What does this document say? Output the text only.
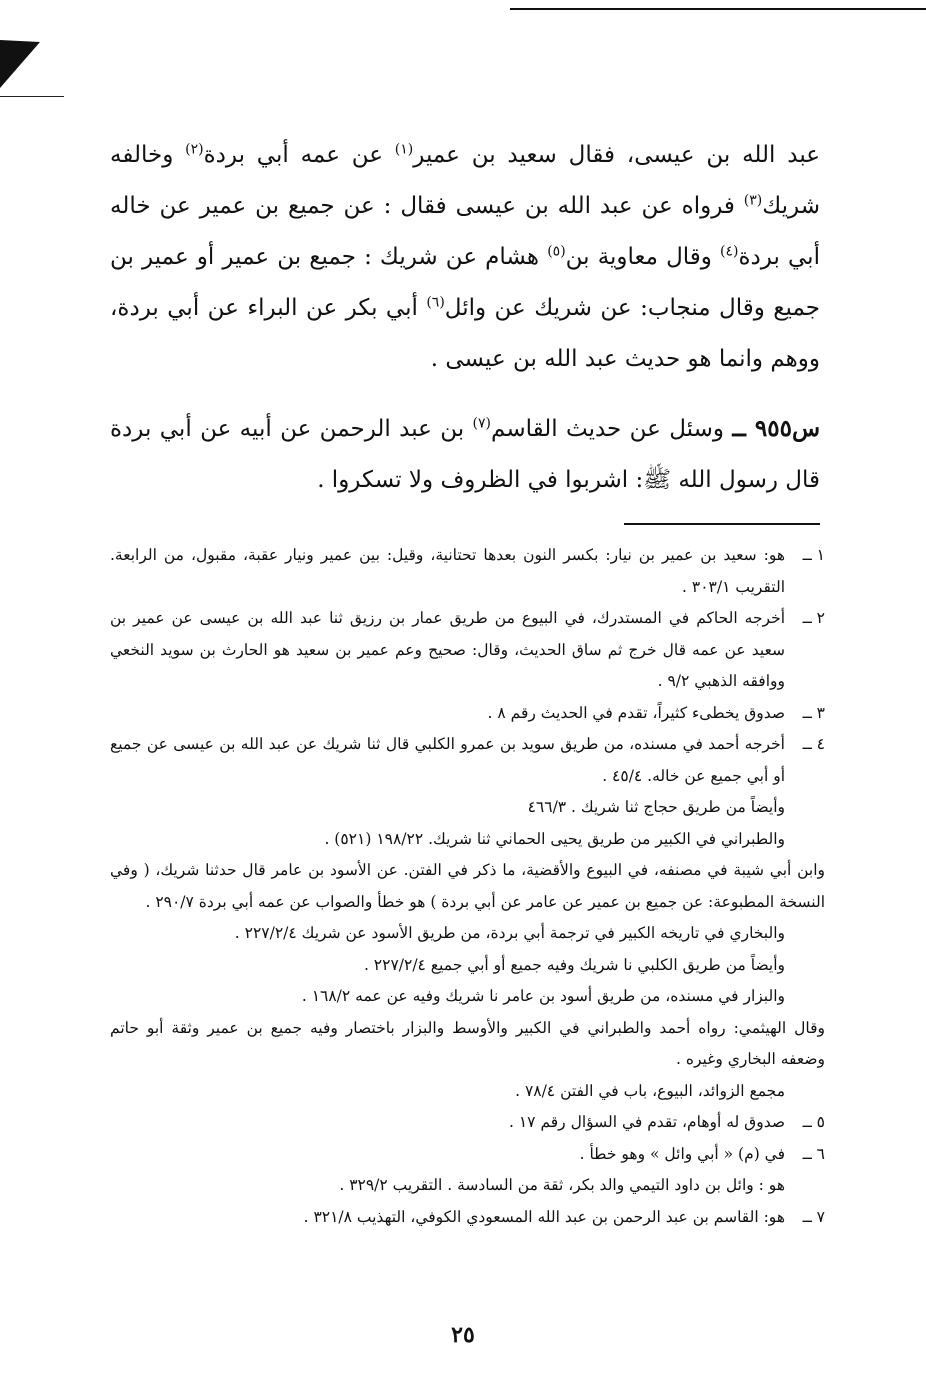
عبد الله بن عيسى، فقال سعيد بن عمير$^{(١)}$ عن عمه أبي بردة$^{(٢)}$ وخالفه شريك$^{(٣)}$ فرواه عن عبد الله بن عيسى فقال : عن جميع بن عمير عن خاله أبي بردة$^{(٤)}$ وقال معاوية بن$^{(٥)}$ هشام عن شريك : جميع بن عمير أو عمير بن جميع وقال منجاب: عن شريك عن وائل$^{(٦)}$ أبي بكر عن البراء عن أبي بردة، ووهم وانما هو حديث عبد الله بن عيسى .

س٩٥٥ ــ وسئل عن حديث القاسم$^{(٧)}$ بن عبد الرحمن عن أبيه عن أبي بردة قال رسول الله ﷺ: اشربوا في الظروف ولا تسكروا .

١ ــ
هو: سعيد بن عمير بن نيار: بكسر النون بعدها تحتانية، وقيل: بين عمير ونيار عقبة، مقبول، من الرابعة. التقريب ٣٠٣/١ .
٢ ــ
أخرجه الحاكم في المستدرك، في البيوع من طريق عمار بن رزيق ثنا عبد الله بن عيسى عن عمير بن سعيد عن عمه قال خرج ثم ساق الحديث، وقال: صحيح وعم عمير بن سعيد هو الحارث بن سويد النخعي ووافقه الذهبي ٩/٢ .
٣ ــ
صدوق يخطىء كثيراً، تقدم في الحديث رقم ٨ .
٤ ــ
أخرجه أحمد في مسنده، من طريق سويد بن عمرو الكلبي قال ثنا شريك عن عبد الله بن عيسى عن جميع أو أبي جميع عن خاله. ٤٥/٤ .
وأيضاً من طريق حجاج ثنا شريك . ٤٦٦/٣
والطبراني في الكبير من طريق يحيى الحماني ثنا شريك. ١٩٨/٢٢ (٥٢١) .
وابن أبي شيبة في مصنفه، في البيوع والأقضية، ما ذكر في الفتن. عن الأسود بن عامر قال حدثنا شريك، ( وفي النسخة المطبوعة: عن جميع بن عمير عن عامر عن أبي بردة ) هو خطأ والصواب عن عمه أبي بردة ٢٩٠/٧ .
والبخاري في تاريخه الكبير في ترجمة أبي بردة، من طريق الأسود عن شريك ٢٢٧/٢/٤ .
وأيضاً من طريق الكلبي نا شريك وفيه جميع أو أبي جميع ٢٢٧/٢/٤ .
والبزار في مسنده، من طريق أسود بن عامر نا شريك وفيه عن عمه ١٦٨/٢ .
وقال الهيثمي: رواه أحمد والطبراني في الكبير والأوسط والبزار باختصار وفيه جميع بن عمير وثقة أبو حاتم وضعفه البخاري وغيره .
مجمع الزوائد، البيوع، باب في الفتن ٧٨/٤ .
٥ ــ
صدوق له أوهام، تقدم في السؤال رقم ١٧ .
٦ ــ
في (م) « أبي وائل » وهو خطأ .
هو : وائل بن داود التيمي والد بكر، ثقة من السادسة . التقريب ٣٢٩/٢ .
٧ ــ
هو: القاسم بن عبد الرحمن بن عبد الله المسعودي الكوفي، التهذيب ٣٢١/٨ .
٢٥
